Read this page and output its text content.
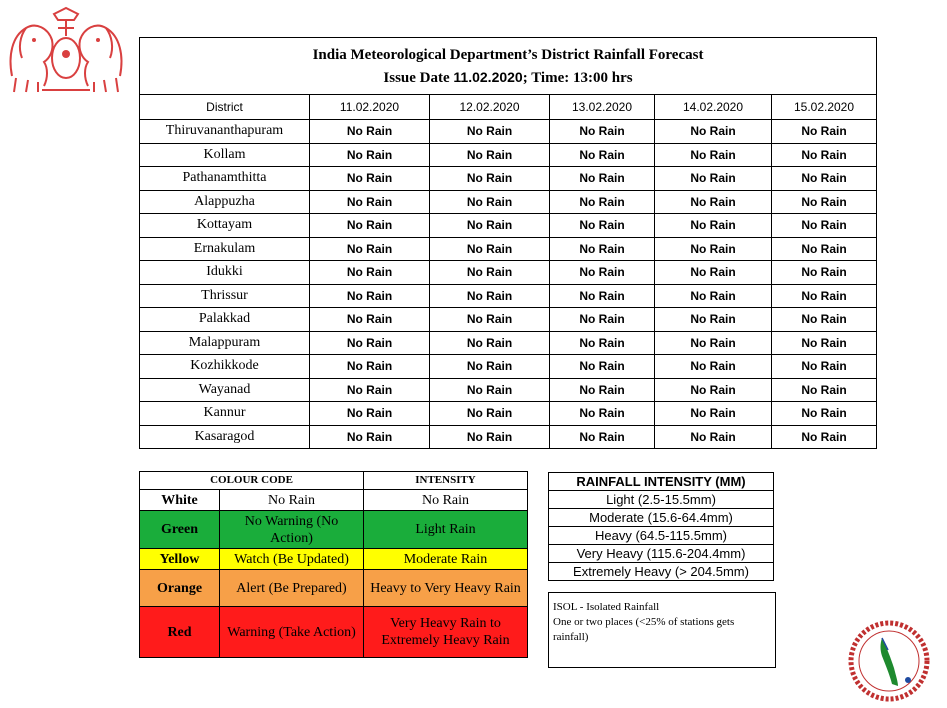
India Meteorological Department’s District Rainfall Forecast
Issue Date 11.02.2020; Time: 13:00 hrs					

District	11.02.2020	12.02.2020	13.02.2020	14.02.2020	15.02.2020
Thiruvananthapuram	No Rain	No Rain	No Rain	No Rain	No Rain
Kollam	No Rain	No Rain	No Rain	No Rain	No Rain
Pathanamthitta	No Rain	No Rain	No Rain	No Rain	No Rain
Alappuzha	No Rain	No Rain	No Rain	No Rain	No Rain
Kottayam	No Rain	No Rain	No Rain	No Rain	No Rain
Ernakulam	No Rain	No Rain	No Rain	No Rain	No Rain
Idukki	No Rain	No Rain	No Rain	No Rain	No Rain
Thrissur	No Rain	No Rain	No Rain	No Rain	No Rain
Palakkad	No Rain	No Rain	No Rain	No Rain	No Rain
Malappuram	No Rain	No Rain	No Rain	No Rain	No Rain
Kozhikkode	No Rain	No Rain	No Rain	No Rain	No Rain
Wayanad	No Rain	No Rain	No Rain	No Rain	No Rain
Kannur	No Rain	No Rain	No Rain	No Rain	No Rain
Kasaragod	No Rain	No Rain	No Rain	No Rain	No Rain
COLOUR CODE		INTENSITY
White	No Rain	No Rain
Green	No Warning (No Action)	Light Rain
Yellow	Watch (Be Updated)	Moderate Rain
Orange	Alert (Be Prepared)	Heavy to Very Heavy Rain
Red	Warning (Take Action)	Very Heavy Rain to Extremely Heavy Rain
RAINFALL INTENSITY (MM)
Light (2.5-15.5mm)
Moderate (15.6-64.4mm)
Heavy (64.5-115.5mm)
Very Heavy (115.6-204.4mm)
Extremely Heavy (> 204.5mm)
ISOL - Isolated Rainfall
One or two places (<25% of stations gets rainfall)
